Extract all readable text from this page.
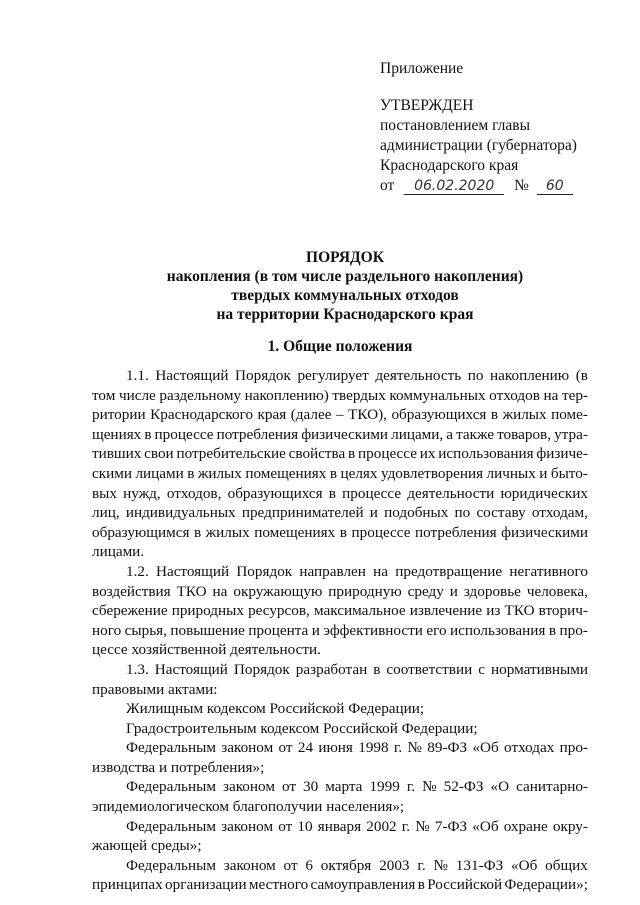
Приложение
УТВЕРЖДЕН
постановлением главы
администрации (губернатора)
Краснодарского края
от 06.02.2020 № 60
ПОРЯДОК
накопления (в том числе раздельного накопления)
твердых коммунальных отходов
на территории Краснодарского края
1. Общие положения
1.1. Настоящий Порядок регулирует деятельность по накоплению (в
том числе раздельному накоплению) твердых коммунальных отходов на тер-
ритории Краснодарского края (далее – ТКО), образующихся в жилых поме-
щениях в процессе потребления физическими лицами, а также товаров, утра-
тивших свои потребительские свойства в процессе их использования физиче-
скими лицами в жилых помещениях в целях удовлетворения личных и быто-
вых нужд, отходов, образующихся в процессе деятельности юридических
лиц, индивидуальных предпринимателей и подобных по составу отходам,
образующимся в жилых помещениях в процессе потребления физическими
лицами.
1.2. Настоящий Порядок направлен на предотвращение негативного
воздействия ТКО на окружающую природную среду и здоровье человека,
сбережение природных ресурсов, максимальное извлечение из ТКО вторич-
ного сырья, повышение процента и эффективности его использования в про-
цессе хозяйственной деятельности.
1.3. Настоящий Порядок разработан в соответствии с нормативными
правовыми актами:
Жилищным кодексом Российской Федерации;
Градостроительным кодексом Российской Федерации;
Федеральным законом от 24 июня 1998 г. № 89-ФЗ «Об отходах про-
изводства и потребления»;
Федеральным законом от 30 марта 1999 г. № 52-ФЗ «О санитарно-
эпидемиологическом благополучии населения»;
Федеральным законом от 10 января 2002 г. № 7-ФЗ «Об охране окру-
жающей среды»;
Федеральным законом от 6 октября 2003 г. № 131-ФЗ «Об общих
принципах организации местного самоуправления в Российской Федерации»;
